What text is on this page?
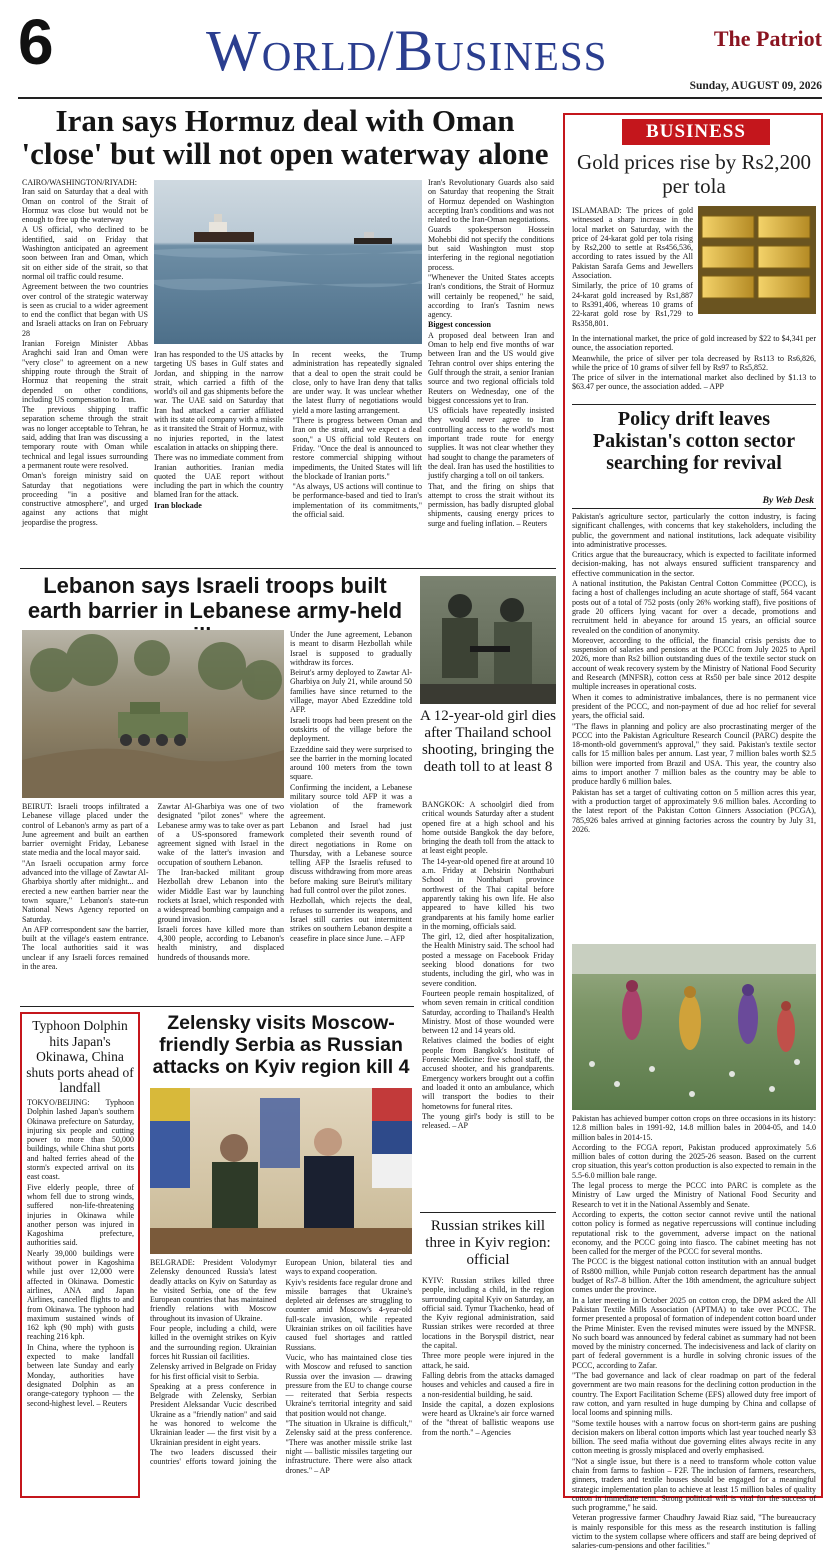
6	World/Business	The Patriot
Sunday, AUGUST 09, 2026
Iran says Hormuz deal with Oman 'close' but will not open waterway alone

CAIRO/WASHINGTON/RIYADH: Iran said on Saturday that a deal with Oman on control of the Strait of Hormuz was close but would not be enough to free up the waterway

A US official, who declined to be identified, said on Friday that Washington anticipated an agreement soon between Iran and Oman, which sit on either side of the strait, so that normal oil traffic could resume.

Agreement between the two countries over control of the strategic waterway is seen as crucial to a wider agreement to end the conflict that began with US and Israeli attacks on Iran on February 28

Iranian Foreign Minister Abbas Araghchi said Iran and Oman were "very close" to agreement on a new shipping route through the Strait of Hormuz that reopening the strait depended on other conditions, including US compensation to Iran.

The previous shipping traffic separation scheme through the strait was no longer acceptable to Tehran, he said, adding that Iran was discussing a temporary route with Oman while technical and legal issues surrounding a permanent route were resolved.

Oman's foreign ministry said on Saturday that negotiations were proceeding "in a positive and constructive atmosphere", and urged against any actions that might jeopardise the progress.

Iran has responded to the US attacks by targeting US bases in Gulf states and Jordan, and shipping in the narrow strait, which carried a fifth of the world's oil and gas shipments before the war. The UAE said on Saturday that Iran had attacked a carrier affiliated with its state oil company with a missile as it transited the Strait of Hormuz, with no injuries reported, in the latest escalation in attacks on shipping there.

There was no immediate comment from Iranian authorities. Iranian media quoted the UAE report without including the part in which the country blamed Iran for the attack.

Iran blockade

In recent weeks, the Trump administration has repeatedly signaled that a deal to open the strait could be close, only to have Iran deny that talks are under way. It was unclear whether the latest flurry of negotiations would yield a more lasting arrangement.

"There is progress between Oman and Iran on the strait, and we expect a deal soon," a US official told Reuters on Friday. "Once the deal is announced to restore commercial shipping without impediments, the United States will lift the blockade of Iranian ports."

"As always, US actions will continue to be performance-based and tied to Iran's implementation of its commitments," the official said.

Iran's Revolutionary Guards also said on Saturday that reopening the Strait of Hormuz depended on Washington accepting Iran's conditions and was not related to the Iran-Oman negotiations.

Guards spokesperson Hossein Mohebbi did not specify the conditions but said Washington must stop interfering in the regional negotiation process.

"Whenever the United States accepts Iran's conditions, the Strait of Hormuz will certainly be reopened," he said, according to Iran's Tasnim news agency.

Biggest concession

A proposed deal between Iran and Oman to help end five months of war between Iran and the US would give Tehran control over ships entering the Gulf through the strait, a senior Iranian source and two regional officials told Reuters on Wednesday, one of the biggest concessions yet to Iran.

US officials have repeatedly insisted they would never agree to Iran controlling access to the world's most important trade route for energy supplies. It was not clear whether they had sought to change the parameters of the deal. Iran has used the hostilities to justify charging a toll on oil tankers.

That, and the firing on ships that attempt to cross the strait without its permission, has badly disrupted global shipments, causing energy prices to surge and fueling inflation. – Reuters

BUSINESS
Gold prices rise by Rs2,200 per tola

ISLAMABAD: The prices of gold witnessed a sharp increase in the local market on Saturday, with the price of 24-karat gold per tola rising by Rs2,200 to settle at Rs456,536, according to rates issued by the All Pakistan Sarafa Gems and Jewellers Association.

Similarly, the price of 10 grams of 24-karat gold increased by Rs1,887 to Rs391,406, whereas 10 grams of 22-karat gold rose by Rs1,729 to Rs358,801.

In the international market, the price of gold increased by $22 to $4,341 per ounce, the association reported.

Meanwhile, the price of silver per tola decreased by Rs113 to Rs6,826, while the price of 10 grams of silver fell by Rs97 to Rs5,852.

The price of silver in the international market also declined by $1.13 to $63.47 per ounce, the association added. – APP

Policy drift leaves Pakistan's cotton sector searching for revival
By Web Desk

Pakistan's agriculture sector, particularly the cotton industry, is facing significant challenges, with concerns that key stakeholders, including the public, the government and national institutions, lack adequate visibility into administrative processes.

Critics argue that the bureaucracy, which is expected to facilitate informed decision-making, has not always ensured sufficient transparency and effective communication in the sector.

A national institution, the Pakistan Central Cotton Committee (PCCC), is facing a host of challenges including an acute shortage of staff, 564 vacant posts out of a total of 752 posts (only 26% working staff), five positions of grade 20 officers lying vacant for over a decade, promotions and recruitment held in abeyance for around 15 years, an official source revealed on the condition of anonymity.

Moreover, according to the official, the financial crisis persists due to suspension of salaries and pensions at the PCCC from July 2025 to April 2026, more than Rs2 billion outstanding dues of the textile sector stuck on account of weak recovery system by the Ministry of National Food Security and Research (MNFSR), cotton cess at Rs50 per bale since 2012 despite multiple increases in operational costs.

When it comes to administrative imbalances, there is no permanent vice president of the PCCC, and non-payment of due ad hoc relief for several years, the official said.

"The flaws in planning and policy are also procrastinating merger of the PCCC into the Pakistan Agriculture Research Council (PARC) despite the 18-month-old government's approval," they said. Pakistan's textile sector calls for 15 million bales per annum. Last year, 7 million bales worth $2.5 billion were imported from Brazil and USA. This year, the country also aims to import another 7 million bales as the country may be able to produce hardly 6 million bales.

Pakistan has set a target of cultivating cotton on 5 million acres this year, with a production target of approximately 9.6 million bales. According to the latest report of the Pakistan Cotton Ginners Association (PCGA), 785,926 bales arrived at ginning factories across the country by July 31, 2026.

Pakistan has achieved bumper cotton crops on three occasions in its history: 12.8 million bales in 1991-92, 14.8 million bales in 2004-05, and 14.0 million bales in 2014-15.

According to the FCGA report, Pakistan produced approximately 5.6 million bales of cotton during the 2025-26 season. Based on the current crop situation, this year's cotton production is also expected to remain in the 5.5-6.0 million bale range.

The legal process to merge the PCCC into PARC is complete as the Ministry of Law urged the Ministry of National Food Security and Research to vet it in the National Assembly and Senate.

According to experts, the cotton sector cannot revive until the national cotton policy is formed as negative repercussions will continue including reputational risk to the government, adverse impact on the national economy, and the PCCC going into fiasco. The cabinet meeting has not been called for the merger of the PCCC for several months.

The PCCC is the biggest national cotton institution with an annual budget of Rs800 million, while Punjab cotton research department has the annual budget of Rs7–8 billion. After the 18th amendment, the agriculture subject comes under the province.

In a later meeting in October 2025 on cotton crop, the DPM asked the All Pakistan Textile Mills Association (APTMA) to take over PCCC. The former presented a proposal of formation of independent cotton board under the Prime Minister. Even the revised minutes were issued by the MNFSR. No such board was announced by federal cabinet as summary had not been moved by the ministry concerned. The indecisiveness and lack of clarity on part of federal government is a hurdle in solving chronic issues of the PCCC, according to Zafar.

"The bad governance and lack of clear roadmap on part of the federal government are two main reasons for the declining cotton production in the country. The Export Facilitation Scheme (EFS) allowed duty free import of raw cotton, and yarn resulted in huge dumping by China and collapse of local looms and spinning mills.

"Some textile houses with a narrow focus on short-term gains are pushing decision makers on liberal cotton imports which last year touched nearly $3 billion. The seed mafia without due governing elites always recite in any cotton meeting is grossly misplaced and overly emphasised.

"Not a single issue, but there is a need to transform whole cotton value chain from farms to fashion – F2F. The inclusion of farmers, researchers, ginners, traders and textile houses should be engaged for a meaningful strategic implementation plan to achieve at least 15 million bales of quality cotton in immediate term. Strong political will is vital for the success of such programme," he said.

Veteran progressive farmer Chaudhry Jawaid Riaz said, "The bureaucracy is mainly responsible for this mess as the research institution is falling victim to the system collapse where officers and staff are being deprived of salaries-cum-pensions and other facilities."

Lebanon says Israeli troops built earth barrier in Lebanese army-held

Under the June agreement, Lebanon is meant to disarm Hezbollah while Israel is supposed to gradually withdraw its forces.

Beirut's army deployed to Zawtar Al-Gharbiya on July 21, while around 50 families have since returned to the village, mayor Abed Ezzeddine told AFP.

Israeli troops had been present on the outskirts of the village before the deployment.

Ezzeddine said they were surprised to see the barrier in the morning located around 100 meters from the town square.

Confirming the incident, a Lebanese military source told AFP it was a violation of the framework agreement.

Lebanon and Israel had just completed their seventh round of direct negotiations in Rome on Thursday, with a Lebanese source telling AFP the Israelis refused to discuss withdrawing from more areas before making sure Beirut's military had full control over the pilot zones.

Hezbollah, which rejects the deal, refuses to surrender its weapons, and Israel still carries out intermittent strikes on southern Lebanon despite a ceasefire in place since June. – AFP

BEIRUT: Israeli troops infiltrated a Lebanese village placed under the control of Lebanon's army as part of a June agreement and built an earthen barrier overnight Friday, Lebanese state media and the local mayor said.

"An Israeli occupation army force advanced into the village of Zawtar Al-Gharbiya shortly after midnight... and erected a new earthen barrier near the town square," Lebanon's state-run National News Agency reported on Saturday.

An AFP correspondent saw the barrier, built at the village's eastern entrance. The local authorities said it was unclear if any Israeli forces remained in the area.

Zawtar Al-Gharbiya was one of two designated "pilot zones" where the Lebanese army was to take over as part of a US-sponsored framework agreement signed with Israel in the wake of the latter's invasion and occupation of southern Lebanon.

The Iran-backed militant group Hezbollah drew Lebanon into the wider Middle East war by launching rockets at Israel, which responded with a widespread bombing campaign and a ground invasion.

Israeli forces have killed more than 4,300 people, according to Lebanon's health ministry, and displaced hundreds of thousands more.

A 12-year-old girl dies after Thailand school shooting, bringing the death toll to at least 8

BANGKOK: A schoolgirl died from critical wounds Saturday after a student opened fire at a high school and his home outside Bangkok the day before, bringing the death toll from the attack to at least eight people.

The 14-year-old opened fire at around 10 a.m. Friday at Debsirin Nonthaburi School in Nonthaburi province northwest of the Thai capital before apparently taking his own life. He also appeared to have killed his two grandparents at his family home earlier in the morning, officials said.

The girl, 12, died after hospitalization, the Health Ministry said. The school had posted a message on Facebook Friday seeking blood donations for two students, including the girl, who was in severe condition.

Fourteen people remain hospitalized, of whom seven remain in critical condition Saturday, according to Thailand's Health Ministry. Most of those wounded were between 12 and 14 years old.

Relatives claimed the bodies of eight people from Bangkok's Institute of Forensic Medicine: five school staff, the accused shooter, and his grandparents. Emergency workers brought out a coffin and loaded it onto an ambulance, which will transport the bodies to their hometowns for funeral rites.

The young girl's body is still to be released. – AP

Typhoon Dolphin hits Japan's Okinawa, China shuts ports ahead of landfall

TOKYO/BEIJING: Typhoon Dolphin lashed Japan's southern Okinawa prefecture on Saturday, injuring six people and cutting power to more than 50,000 buildings, while China shut ports and halted ferries ahead of the storm's expected arrival on its east coast.

Five elderly people, three of whom fell due to strong winds, suffered non-life-threatening injuries in Okinawa while another person was injured in Kagoshima prefecture, authorities said.

Nearly 39,000 buildings were without power in Kagoshima while just over 12,000 were affected in Okinawa. Domestic airlines, ANA and Japan Airlines, cancelled flights to and from Okinawa. The typhoon had maximum sustained winds of 162 kph (90 mph) with gusts reaching 216 kph.

In China, where the typhoon is expected to make landfall between late Sunday and early Monday, authorities have designated Dolphin as an orange-category typhoon — the second-highest level. – Reuters

Zelensky visits Moscow-friendly Serbia as Russian attacks on Kyiv region kill 4

BELGRADE: President Volodymyr Zelensky denounced Russia's latest deadly attacks on Kyiv on Saturday as he visited Serbia, one of the few European countries that has maintained friendly relations with Moscow throughout its invasion of Ukraine.

Four people, including a child, were killed in the overnight strikes on Kyiv and the surrounding region. Ukrainian forces hit Russian oil facilities.

Zelensky arrived in Belgrade on Friday for his first official visit to Serbia.

Speaking at a press conference in Belgrade with Zelensky, Serbian President Aleksandar Vucic described Ukraine as a "friendly nation" and said he was honored to welcome the Ukrainian leader — the first visit by a Ukrainian president in eight years.

The two leaders discussed their countries' efforts toward joining the European Union, bilateral ties and ways to expand cooperation.

Kyiv's residents face regular drone and missile barrages that Ukraine's depleted air defenses are struggling to counter amid Moscow's 4-year-old full-scale invasion, while repeated Ukrainian strikes on oil facilities have caused fuel shortages and rattled Russians.

Vucic, who has maintained close ties with Moscow and refused to sanction Russia over the invasion — drawing pressure from the EU to change course — reiterated that Serbia respects Ukraine's territorial integrity and said that position would not change.

"The situation in Ukraine is difficult," Zelensky said at the press conference. "There was another missile strike last night — ballistic missiles targeting our infrastructure. There were also attack drones." – AP

Russian strikes kill three in Kyiv region: official

KYIV: Russian strikes killed three people, including a child, in the region surrounding capital Kyiv on Saturday, an official said. Tymur Tkachenko, head of the Kyiv regional administration, said Russian strikes were recorded at three locations in the Boryspil district, near the capital.

Three more people were injured in the attack, he said.

Falling debris from the attacks damaged houses and vehicles and caused a fire in a non-residential building, he said.

Inside the capital, a dozen explosions were heard as Ukraine's air force warned of the "threat of ballistic weapons use from the north." – Agencies
